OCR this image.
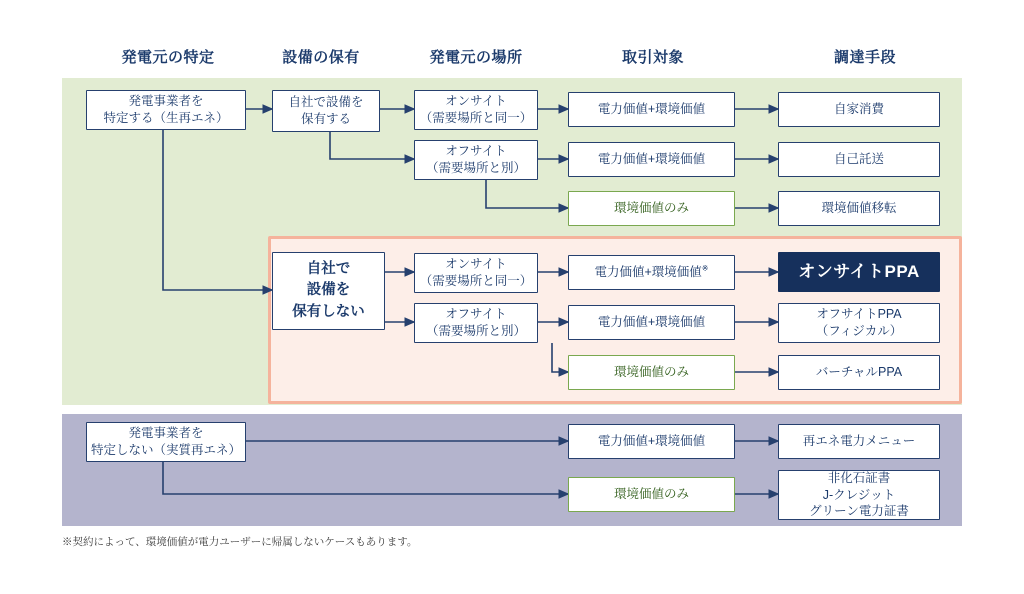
発電元の特定	設備の保有	発電元の場所	取引対象	調達手段
発電事業者を
特定する（生再エネ）
自社で設備を
保有する
オンサイト
（需要場所と同一）
オフサイト
（需要場所と別）
電力価値+環境価値
電力価値+環境価値
環境価値のみ
自家消費
自己託送
環境価値移転
自社で
設備を
保有しない
オンサイト
（需要場所と同一）
オフサイト
（需要場所と別）
電力価値+環境価値※
電力価値+環境価値
環境価値のみ
オンサイトPPA
オフサイトPPA
（フィジカル）
バーチャルPPA
発電事業者を
特定しない（実質再エネ）
電力価値+環境価値
環境価値のみ
再エネ電力メニュー
非化石証書
J-クレジット
グリーン電力証書
※契約によって、環境価値が電力ユーザーに帰属しないケースもあります。
